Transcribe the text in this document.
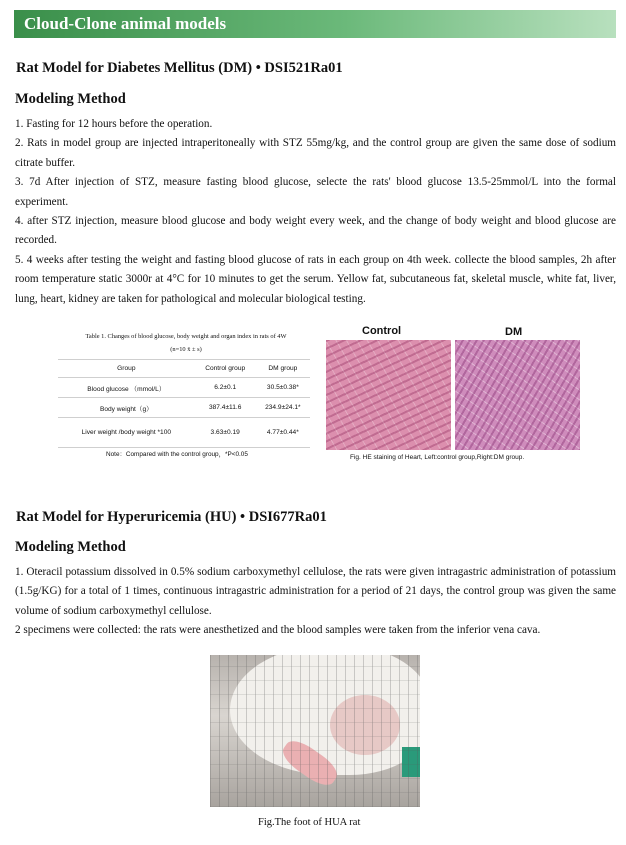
Cloud-Clone animal models
Rat Model for Diabetes Mellitus (DM) • DSI521Ra01
Modeling Method

1. Fasting for 12 hours before the operation.

2. Rats in model group are injected intraperitoneally with STZ 55mg/kg, and the control group are given the same dose of sodium citrate buffer.

3. 7d After injection of STZ, measure fasting blood glucose, selecte the rats' blood glucose 13.5-25mmol/L into the formal experiment.

4. after STZ injection, measure blood glucose and body weight every week, and the change of body weight and blood glucose are recorded.

5. 4 weeks after testing the weight and fasting blood glucose of rats in each group on 4th week. collecte the blood samples, 2h after room temperature static 3000r at 4°C for 10 minutes to get the serum. Yellow fat, subcutaneous fat, skeletal muscle, white fat, liver, lung, heart, kidney are taken for pathological and molecular biological testing.

Table 1. Changes of blood glucose, body weight and organ index in rats of 4W
(n=10 x̄ ± s)
Group	Control group	DM group
Blood glucose （mmol/L）	6.2±0.1	30.5±0.38*
Body weight（g）	387.4±11.6	234.9±24.1*
Liver weight /body weight *100	3.63±0.19	4.77±0.44*
Note：Compared with the control group，*P<0.05
Control	DM
Fig. HE staining of Heart, Left:control group,Right:DM group.
Rat Model for Hyperuricemia (HU) • DSI677Ra01
Modeling Method

1. Oteracil potassium dissolved in 0.5% sodium carboxymethyl cellulose, the rats were given intragastric administration of potassium (1.5g/KG) for a total of 1 times, continuous intragastric administration for a period of 21 days, the control group was given the same volume of sodium carboxymethyl cellulose.

2 specimens were collected: the rats were anesthetized and the blood samples were taken from the inferior vena cava.

Fig.The foot of HUA rat
